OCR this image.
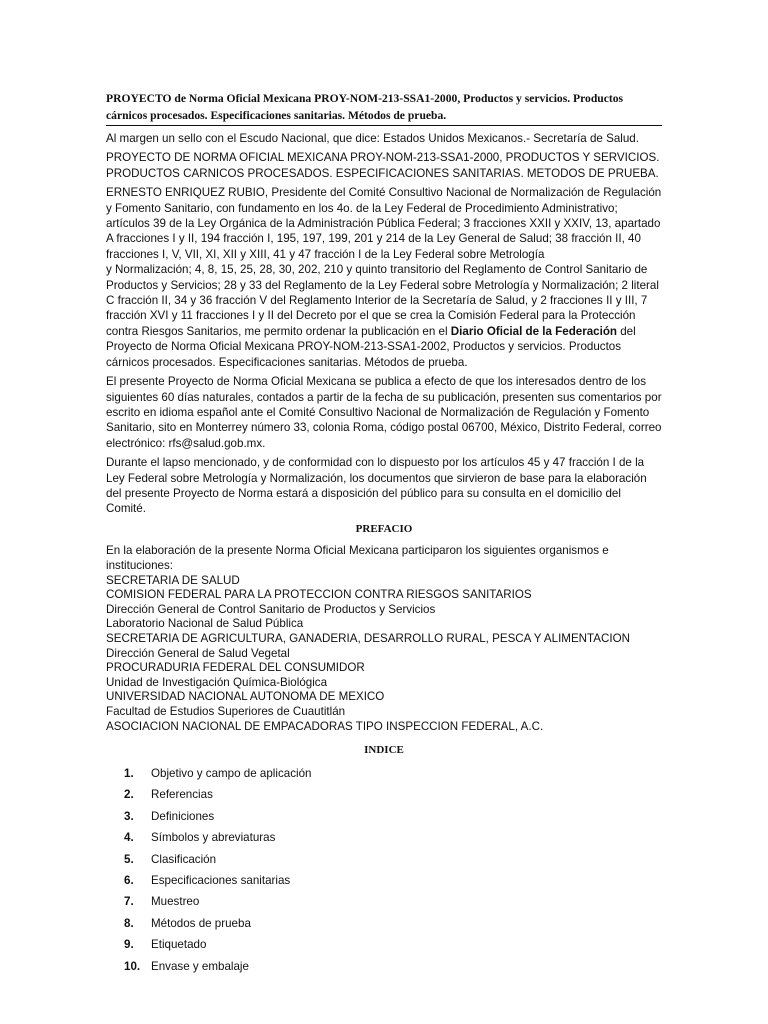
PROYECTO de Norma Oficial Mexicana PROY-NOM-213-SSA1-2000, Productos y servicios. Productos cárnicos procesados. Especificaciones sanitarias. Métodos de prueba.

Al margen un sello con el Escudo Nacional, que dice: Estados Unidos Mexicanos.- Secretaría de Salud.

PROYECTO DE NORMA OFICIAL MEXICANA PROY-NOM-213-SSA1-2000, PRODUCTOS Y SERVICIOS. PRODUCTOS CARNICOS PROCESADOS. ESPECIFICACIONES SANITARIAS. METODOS DE PRUEBA.

ERNESTO ENRIQUEZ RUBIO, Presidente del Comité Consultivo Nacional de Normalización de Regulación y Fomento Sanitario, con fundamento en los 4o. de la Ley Federal de Procedimiento Administrativo; artículos 39 de la Ley Orgánica de la Administración Pública Federal; 3 fracciones XXII y XXIV, 13, apartado A fracciones I y II, 194 fracción I, 195, 197, 199, 201 y 214 de la Ley General de Salud; 38 fracción II, 40 fracciones I, V, VII, XI, XII y XIII, 41 y 47 fracción I de la Ley Federal sobre Metrología
y Normalización; 4, 8, 15, 25, 28, 30, 202, 210 y quinto transitorio del Reglamento de Control Sanitario de Productos y Servicios; 28 y 33 del Reglamento de la Ley Federal sobre Metrología y Normalización; 2 literal C fracción II, 34 y 36 fracción V del Reglamento Interior de la Secretaría de Salud, y 2 fracciones II y III, 7 fracción XVI y 11 fracciones I y II del Decreto por el que se crea la Comisión Federal para la Protección contra Riesgos Sanitarios, me permito ordenar la publicación en el Diario Oficial de la Federación del Proyecto de Norma Oficial Mexicana PROY-NOM-213-SSA1-2002, Productos y servicios. Productos cárnicos procesados. Especificaciones sanitarias. Métodos de prueba.

El presente Proyecto de Norma Oficial Mexicana se publica a efecto de que los interesados dentro de los siguientes 60 días naturales, contados a partir de la fecha de su publicación, presenten sus comentarios por escrito en idioma español ante el Comité Consultivo Nacional de Normalización de Regulación y Fomento Sanitario, sito en Monterrey número 33, colonia Roma, código postal 06700, México, Distrito Federal, correo electrónico: rfs@salud.gob.mx.

Durante el lapso mencionado, y de conformidad con lo dispuesto por los artículos 45 y 47 fracción I de la Ley Federal sobre Metrología y Normalización, los documentos que sirvieron de base para la elaboración del presente Proyecto de Norma estará a disposición del público para su consulta en el domicilio del Comité.

PREFACIO

En la elaboración de la presente Norma Oficial Mexicana participaron los siguientes organismos e instituciones:

SECRETARIA DE SALUD
COMISION FEDERAL PARA LA PROTECCION CONTRA RIESGOS SANITARIOS
Dirección General de Control Sanitario de Productos y Servicios
Laboratorio Nacional de Salud Pública
SECRETARIA DE AGRICULTURA, GANADERIA, DESARROLLO RURAL, PESCA Y ALIMENTACION
Dirección General de Salud Vegetal
PROCURADURIA FEDERAL DEL CONSUMIDOR
Unidad de Investigación Química-Biológica
UNIVERSIDAD NACIONAL AUTONOMA DE MEXICO
Facultad de Estudios Superiores de Cuautitlán
ASOCIACION NACIONAL DE EMPACADORAS TIPO INSPECCION FEDERAL, A.C.
INDICE
1.	Objetivo y campo de aplicación
2.	Referencias
3.	Definiciones
4.	Símbolos y abreviaturas
5.	Clasificación
6.	Especificaciones sanitarias
7.	Muestreo
8.	Métodos de prueba
9.	Etiquetado
10. Envase y embalaje
